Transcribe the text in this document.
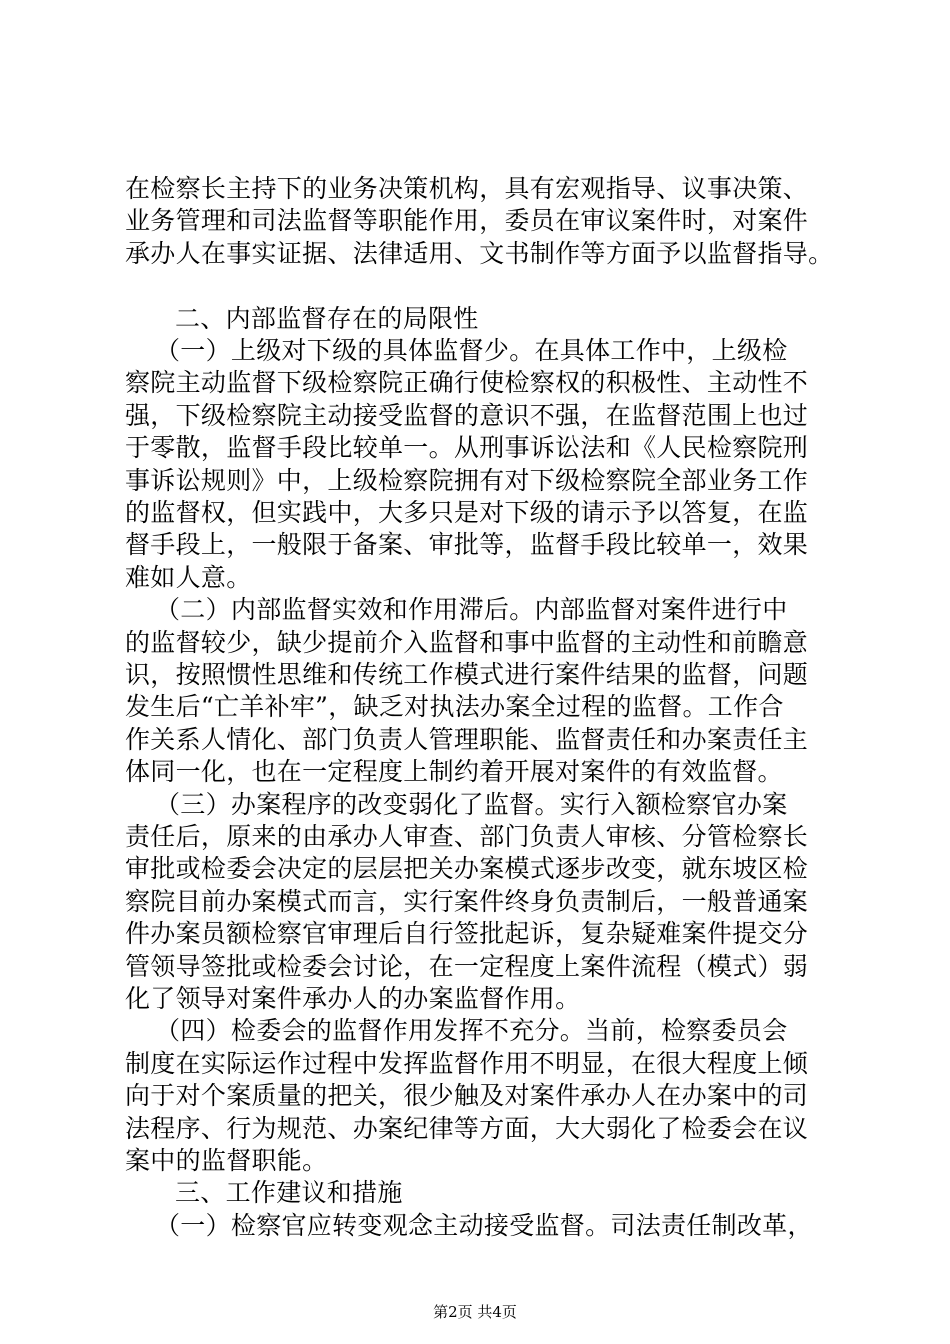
在检察长主持下的业务决策机构，具有宏观指导、议事决策、
业务管理和司法监督等职能作用，委员在审议案件时，对案件
承办人在事实证据、法律适用、文书制作等方面予以监督指导。
二、内部监督存在的局限性
（一）上级对下级的具体监督少。在具体工作中，上级检
察院主动监督下级检察院正确行使检察权的积极性、主动性不
强，下级检察院主动接受监督的意识不强，在监督范围上也过
于零散，监督手段比较单一。从刑事诉讼法和《人民检察院刑
事诉讼规则》中，上级检察院拥有对下级检察院全部业务工作
的监督权，但实践中，大多只是对下级的请示予以答复，在监
督手段上，一般限于备案、审批等，监督手段比较单一，效果
难如人意。
（二）内部监督实效和作用滞后。内部监督对案件进行中
的监督较少，缺少提前介入监督和事中监督的主动性和前瞻意
识，按照惯性思维和传统工作模式进行案件结果的监督，问题
发生后“亡羊补牢”，缺乏对执法办案全过程的监督。工作合
作关系人情化、部门负责人管理职能、监督责任和办案责任主
体同一化，也在一定程度上制约着开展对案件的有效监督。
（三）办案程序的改变弱化了监督。实行入额检察官办案
责任后，原来的由承办人审查、部门负责人审核、分管检察长
审批或检委会决定的层层把关办案模式逐步改变，就东坡区检
察院目前办案模式而言，实行案件终身负责制后，一般普通案
件办案员额检察官审理后自行签批起诉，复杂疑难案件提交分
管领导签批或检委会讨论，在一定程度上案件流程（模式）弱
化了领导对案件承办人的办案监督作用。
（四）检委会的监督作用发挥不充分。当前，检察委员会
制度在实际运作过程中发挥监督作用不明显，在很大程度上倾
向于对个案质量的把关，很少触及对案件承办人在办案中的司
法程序、行为规范、办案纪律等方面，大大弱化了检委会在议
案中的监督职能。
三、工作建议和措施
第2页 共4页
（一）检察官应转变观念主动接受监督。司法责任制改革，
